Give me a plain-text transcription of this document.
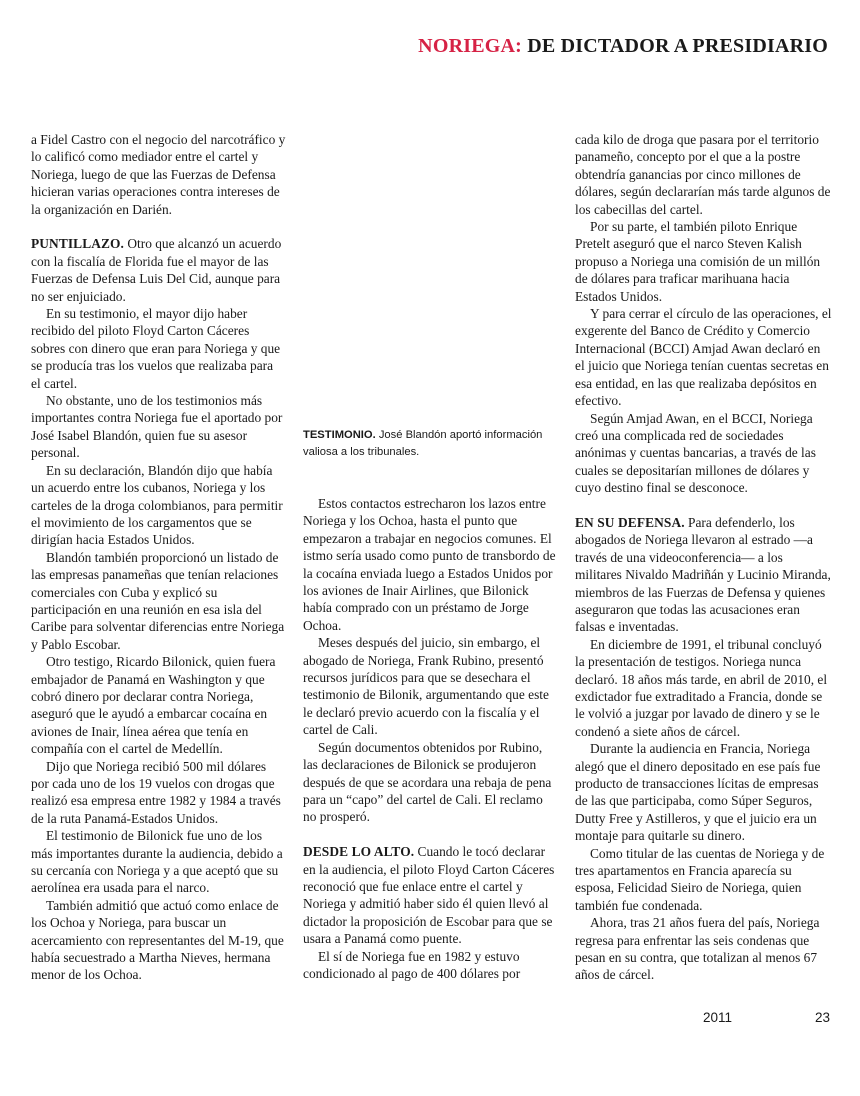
NORIEGA: DE DICTADOR A PRESIDIARIO

a Fidel Castro con el negocio del narcotráfico y lo calificó como mediador entre el cartel y Noriega, luego de que las Fuerzas de Defensa hicieran varias operaciones contra intereses de la organización en Darién.

PUNTILLAZO. Otro que alcanzó un acuerdo con la fiscalía de Florida fue el mayor de las Fuerzas de Defensa Luis Del Cid, aunque para no ser enjuiciado.

En su testimonio, el mayor dijo haber recibido del piloto Floyd Carton Cáceres sobres con dinero que eran para Noriega y que se producía tras los vuelos que realizaba para el cartel.

No obstante, uno de los testimonios más importantes contra Noriega fue el aportado por José Isabel Blandón, quien fue su asesor personal.

En su declaración, Blandón dijo que había un acuerdo entre los cubanos, Noriega y los carteles de la droga colombianos, para permitir el movimiento de los cargamentos que se dirigían hacia Estados Unidos.

Blandón también proporcionó un listado de las empresas panameñas que tenían relaciones comerciales con Cuba y explicó su participación en una reunión en esa isla del Caribe para solventar diferencias entre Noriega y Pablo Escobar.

Otro testigo, Ricardo Bilonick, quien fuera embajador de Panamá en Washington y que cobró dinero por declarar contra Noriega, aseguró que le ayudó a embarcar cocaína en aviones de Inair, línea aérea que tenía en compañía con el cartel de Medellín.

Dijo que Noriega recibió 500 mil dólares por cada uno de los 19 vuelos con drogas que realizó esa empresa entre 1982 y 1984 a través de la ruta Panamá-Estados Unidos.

El testimonio de Bilonick fue uno de los más importantes durante la audiencia, debido a su cercanía con Noriega y a que aceptó que su aerolínea era usada para el narco.

También admitió que actuó como enlace de los Ochoa y Noriega, para buscar un acercamiento con representantes del M-19, que había secuestrado a Martha Nieves, hermana menor de los Ochoa.

Estos contactos estrecharon los lazos entre Noriega y los Ochoa, hasta el punto que empezaron a trabajar en negocios comunes. El istmo sería usado como punto de transbordo de la cocaína enviada luego a Estados Unidos por los aviones de Inair Airlines, que Bilonick había comprado con un préstamo de Jorge Ochoa.

Meses después del juicio, sin embargo, el abogado de Noriega, Frank Rubino, presentó recursos jurídicos para que se desechara el testimonio de Bilonik, argumentando que este le declaró previo acuerdo con la fiscalía y el cartel de Cali.

Según documentos obtenidos por Rubino, las declaraciones de Bilonick se produjeron después de que se acordara una rebaja de pena para un “capo” del cartel de Cali. El reclamo no prosperó.

DESDE LO ALTO. Cuando le tocó declarar en la audiencia, el piloto Floyd Carton Cáceres reconoció que fue enlace entre el cartel y Noriega y admitió haber sido él quien llevó al dictador la proposición de Escobar para que se usara a Panamá como puente.

El sí de Noriega fue en 1982 y estuvo condicionado al pago de 400 dólares por

cada kilo de droga que pasara por el territorio panameño, concepto por el que a la postre obtendría ganancias por cinco millones de dólares, según declararían más tarde algunos de los cabecillas del cartel.

Por su parte, el también piloto Enrique Pretelt aseguró que el narco Steven Kalish propuso a Noriega una comisión de un millón de dólares para traficar marihuana hacia Estados Unidos.

Y para cerrar el círculo de las operaciones, el exgerente del Banco de Crédito y Comercio Internacional (BCCI) Amjad Awan declaró en el juicio que Noriega tenían cuentas secretas en esa entidad, en las que realizaba depósitos en efectivo.

Según Amjad Awan, en el BCCI, Noriega creó una complicada red de sociedades anónimas y cuentas bancarias, a través de las cuales se depositarían millones de dólares y cuyo destino final se desconoce.

EN SU DEFENSA. Para defenderlo, los abogados de Noriega llevaron al estrado —a través de una videoconferencia— a los militares Nivaldo Madriñán y Lucinio Miranda, miembros de las Fuerzas de Defensa y quienes aseguraron que todas las acusaciones eran falsas e inventadas.

En diciembre de 1991, el tribunal concluyó la presentación de testigos. Noriega nunca declaró. 18 años más tarde, en abril de 2010, el exdictador fue extraditado a Francia, donde se le volvió a juzgar por lavado de dinero y se le condenó a siete años de cárcel.

Durante la audiencia en Francia, Noriega alegó que el dinero depositado en ese país fue producto de transacciones lícitas de empresas de las que participaba, como Súper Seguros, Dutty Free y Astilleros, y que el juicio era un montaje para quitarle su dinero.

Como titular de las cuentas de Noriega y de tres apartamentos en Francia aparecía su esposa, Felicidad Sieiro de Noriega, quien también fue condenada.

Ahora, tras 21 años fuera del país, Noriega regresa para enfrentar las seis condenas que pesan en su contra, que totalizan al menos 67 años de cárcel.

TESTIMONIO. José Blandón aportó información valiosa a los tribunales.
2011	23
